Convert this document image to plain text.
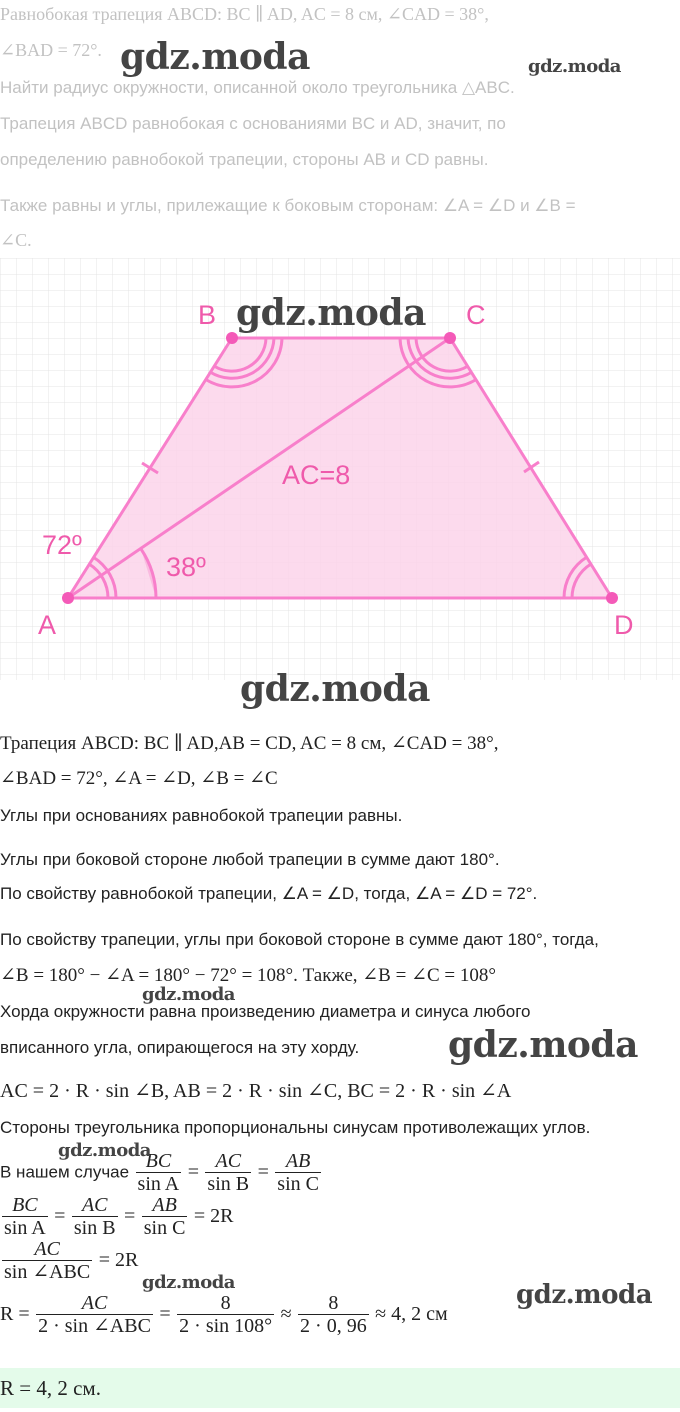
Равнобокая трапеция ABCD: BC ∥ AD, AC = 8 см, ∠CAD = 38°,
∠BAD = 72°.
Найти радиус окружности, описанной около треугольника △ABC.
Трапеция ABCD равнобокая с основаниями BC и AD, значит, по
определению равнобокой трапеции, стороны AB и CD равны.
Также равны и углы, прилежащие к боковым сторонам: ∠A = ∠D и ∠B =
∠C.
A
B	C
D
AC=8
72º
38º
Трапеция ABCD: BC ∥ AD,AB = CD, AC = 8 см, ∠CAD = 38°,
∠BAD = 72°, ∠A = ∠D, ∠B = ∠C
Углы при основаниях равнобокой трапеции равны.
Углы при боковой стороне любой трапеции в сумме дают 180°.
По свойству равнобокой трапеции, ∠A = ∠D, тогда, ∠A = ∠D = 72°.
По свойству трапеции, углы при боковой стороне в сумме дают 180°, тогда,
∠B = 180° − ∠A = 180° − 72° = 108°. Также, ∠B = ∠C = 108°
Хорда окружности равна произведению диаметра и синуса любого
вписанного угла, опирающегося на эту хорду.
AC = 2 · R · sin ∠B, AB = 2 · R · sin ∠C, BC = 2 · R · sin ∠A
Стороны треугольника пропорциональны синусам противолежащих углов.
В нашем случае $\frac{BC}{\text{sin A}} = \frac{AC}{\text{sin B}} = \frac{AB}{\text{sin C}}$
$\frac{BC}{\text{sin A}} = \frac{AC}{\text{sin B}} = \frac{AB}{\text{sin C}} = 2R$
$\frac{AC}{\text{sin ∠ABC}} = 2R$
$R = \frac{AC}{\text{2 · sin ∠ABC}} = \frac{8}{2 \cdot \sin 108^\circ} \approx \frac{8}{2 \cdot 0, 96} \approx 4$, 2 см
R = 4, 2 см.
gdz.moda	gdz.moda
gdz.moda
gdz.moda
gdz.moda
gdz.moda
gdz.moda
gdz.moda	gdz.moda
